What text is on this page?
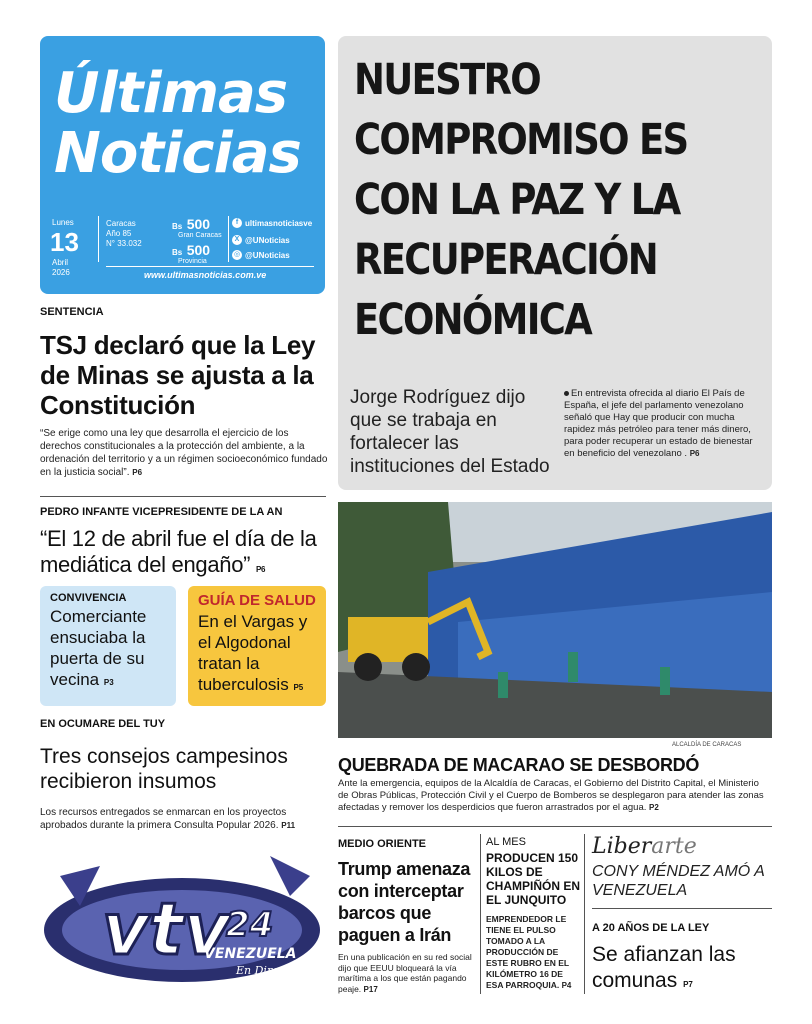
Últimas
Noticias
Lunes
13
Abril
2026
Caracas
Año 85
N° 33.032
Bs 500
Gran Caracas
Bs 500
Provincia
f ultimasnoticiasve
X @UNoticias
◎ @UNoticias
www.ultimasnoticias.com.ve
NUESTRO COMPROMISO ES CON LA PAZ Y LA RECUPERACIÓN ECONÓMICA
Jorge Rodríguez dijo que se trabaja en fortalecer las instituciones del Estado
En entrevista ofrecida al diario El País de España, el jefe del parlamento venezolano señaló que Hay que producir con mucha rapidez más petróleo para tener más dinero, para poder recuperar un estado de bienestar en beneficio del venezolano . P6
SENTENCIA
TSJ declaró que la Ley de Minas se ajusta a la Constitución
“Se erige como una ley que desarrolla el ejercicio de los derechos constitucionales a la protección del ambiente, a la ordenación del territorio y a un régimen socioeconómico fundado en la justicia social”. P6
PEDRO INFANTE VICEPRESIDENTE DE LA AN
“El 12 de abril fue el día de la mediática del engaño” P6
CONVIVENCIA
Comerciante ensuciaba la puerta de su vecina P3
GUÍA DE SALUD
En el Vargas y el Algodonal tratan la tuberculosis P5
EN OCUMARE DEL TUY
Tres consejos campesinos recibieron insumos
Los recursos entregados se enmarcan en los proyectos aprobados durante la primera Consulta Popular 2026. P11
vtv
24
VENEZUELA
En Directo
ALCALDÍA DE CARACAS
QUEBRADA DE MACARAO SE DESBORDÓ
Ante la emergencia, equipos de la Alcaldía de Caracas, el Gobierno del Distrito Capital, el Ministerio de Obras Públicas, Protección Civil y el Cuerpo de Bomberos se desplegaron para atender las zonas afectadas y remover los desperdicios que fueron arrastrados por el agua. P2
MEDIO ORIENTE
Trump amenaza con interceptar barcos que paguen a Irán
En una publicación en su red social dijo que EEUU bloqueará la vía marítima a los que están pagando peaje. P17
AL MES
PRODUCEN 150 KILOS DE CHAMPIÑÓN EN EL JUNQUITO
EMPRENDEDOR LE TIENE EL PULSO TOMADO A LA PRODUCCIÓN DE ESTE RUBRO EN EL KILÓMETRO 16 DE ESA PARROQUIA. P4
Liberarte
CONY MÉNDEZ AMÓ A VENEZUELA
A 20 AÑOS DE LA LEY
Se afianzan las comunas P7
